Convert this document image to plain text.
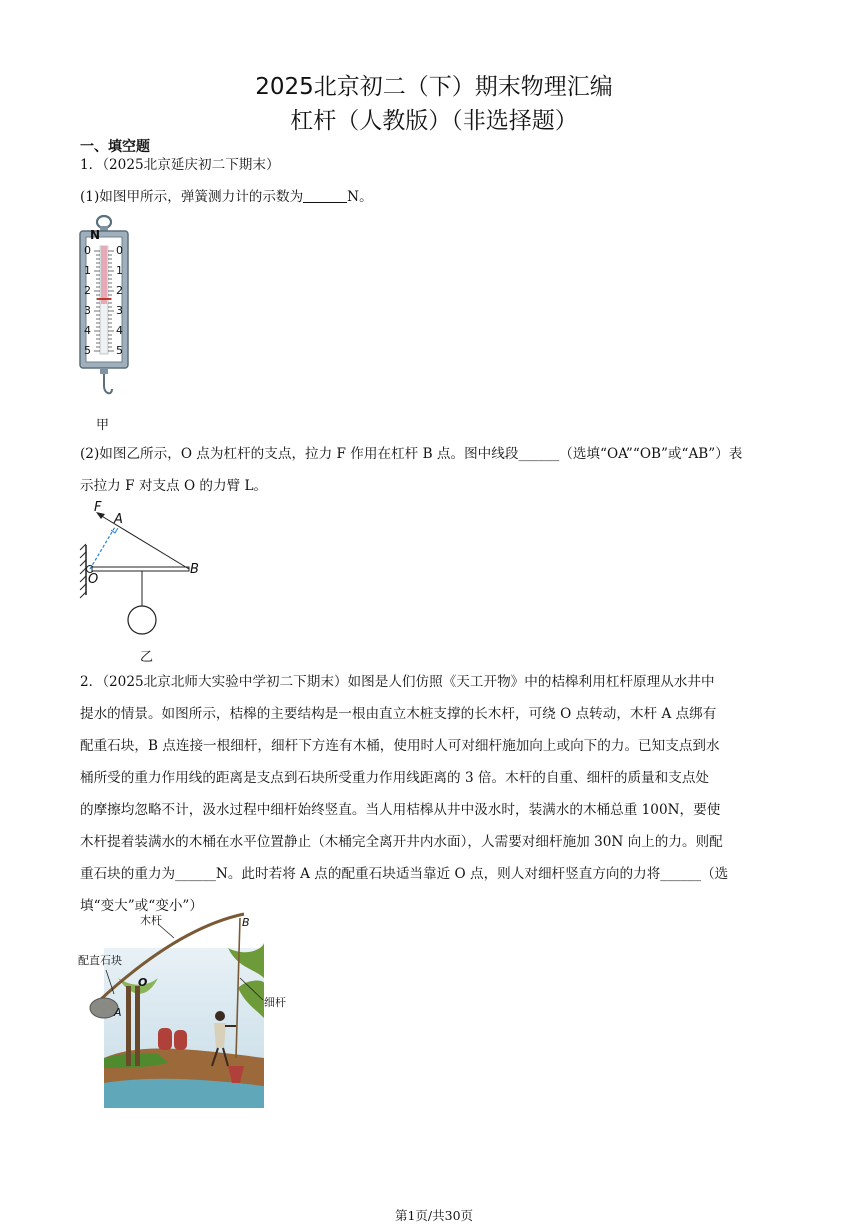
2025北京初二（下）期末物理汇编
杠杆（人教版）（非选择题）
一、填空题
1．（2025北京延庆初二下期末）
(1)如图甲所示，弹簧测力计的示数为	N。
N
0
1
2
3
4
5
0
1
2
3
4
5
甲
(2)如图乙所示，O 点为杠杆的支点，拉力 F 作用在杠杆 B 点。图中线段______（选填“OA”“OB”或“AB”）表
示拉力 F 对支点 O 的力臂 L。
F
A
O
B
乙
2．（2025北京北师大实验中学初二下期末）如图是人们仿照《天工开物》中的桔槔利用杠杆原理从水井中
提水的情景。如图所示，桔槔的主要结构是一根由直立木桩支撑的长木杆，可绕 O 点转动，木杆 A 点绑有
配重石块，B 点连接一根细杆，细杆下方连有木桶，使用时人可对细杆施加向上或向下的力。已知支点到水
桶所受的重力作用线的距离是支点到石块所受重力作用线距离的 3 倍。木杆的自重、细杆的质量和支点处
的摩擦均忽略不计，汲水过程中细杆始终竖直。当人用桔槔从井中汲水时，装满水的木桶总重 100N，要使
木杆提着装满水的木桶在水平位置静止（木桶完全离开井内水面），人需要对细杆施加 30N 向上的力。则配
重石块的重力为______N。此时若将 A 点的配重石块适当靠近 O 点，则人对细杆竖直方向的力将______（选
填“变大”或“变小”）
木杆
配直石块
O
A
B
细杆
第1页/共30页
